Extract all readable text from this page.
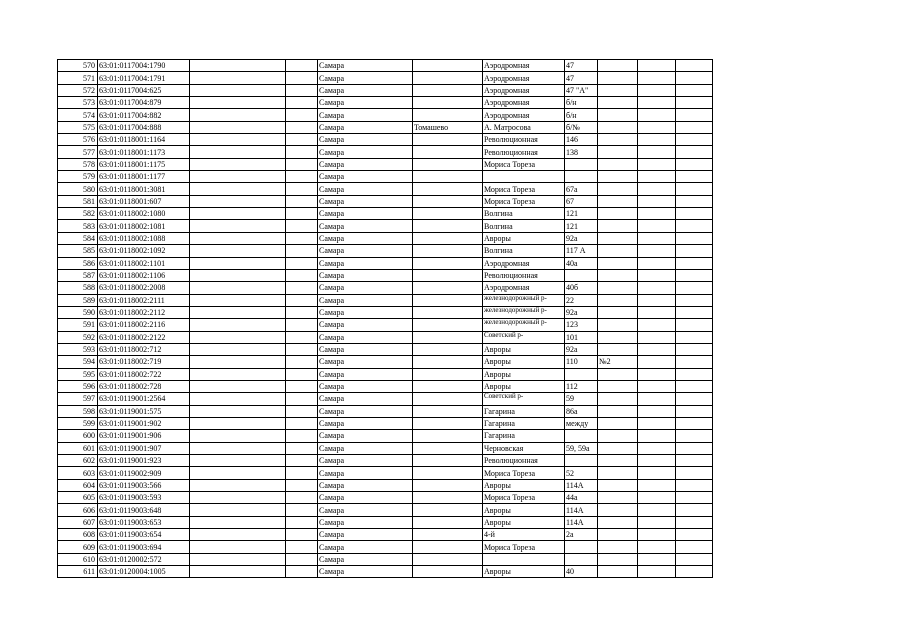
570	63:01:0117004:1790			Самара		Аэродромная	47			
571	63:01:0117004:1791			Самара		Аэродромная	47			
572	63:01:0117004:625			Самара		Аэродромная	47 "А"			
573	63:01:0117004:879			Самара		Аэродромная	б/н			
574	63:01:0117004:882			Самара		Аэродромная	б/н			
575	63:01:0117004:888			Самара	Томашево	А. Матросова	б/№			
576	63:01:0118001:1164			Самара		Революционная	146			
577	63:01:0118001:1173			Самара		Революционная	138			
578	63:01:0118001:1175			Самара		Мориса Тореза				
579	63:01:0118001:1177			Самара						
580	63:01:0118001:3081			Самара		Мориса Тореза	67а			
581	63:01:0118001:607			Самара		Мориса Тореза	67			
582	63:01:0118002:1080			Самара		Волгина	121			
583	63:01:0118002:1081			Самара		Волгина	121			
584	63:01:0118002:1088			Самара		Авроры	92а			
585	63:01:0118002:1092			Самара		Волгина	117 А			
586	63:01:0118002:1101			Самара		Аэродромная	40а			
587	63:01:0118002:1106			Самара		Революционная				
588	63:01:0118002:2008			Самара		Аэродромная	40б			
589	63:01:0118002:2111			Самара		железнодорожный р-	22			
590	63:01:0118002:2112			Самара		железнодорожный р-	92а			
591	63:01:0118002:2116			Самара		железнодорожный р-	123			
592	63:01:0118002:2122			Самара		Советский р-	101			
593	63:01:0118002:712			Самара		Авроры	92а			
594	63:01:0118002:719			Самара		Авроры	110	№2		
595	63:01:0118002:722			Самара		Авроры				
596	63:01:0118002:728			Самара		Авроры	112			
597	63:01:0119001:2564			Самара		Советский р-	59			
598	63:01:0119001:575			Самара		Гагарина	86а			
599	63:01:0119001:902			Самара		Гагарина	между			
600	63:01:0119001:906			Самара		Гагарина				
601	63:01:0119001:907			Самара		Черновская	59, 59а			
602	63:01:0119001:923			Самара		Революционная				
603	63:01:0119002:909			Самара		Мориса Тореза	52			
604	63:01:0119003:566			Самара		Авроры	114А			
605	63:01:0119003:593			Самара		Мориса Тореза	44а			
606	63:01:0119003:648			Самара		Авроры	114А			
607	63:01:0119003:653			Самара		Авроры	114А			
608	63:01:0119003:654			Самара		4-й	2а			
609	63:01:0119003:694			Самара		Мориса Тореза				
610	63:01:0120002:572			Самара						
611	63:01:0120004:1005			Самара		Авроры	40			
